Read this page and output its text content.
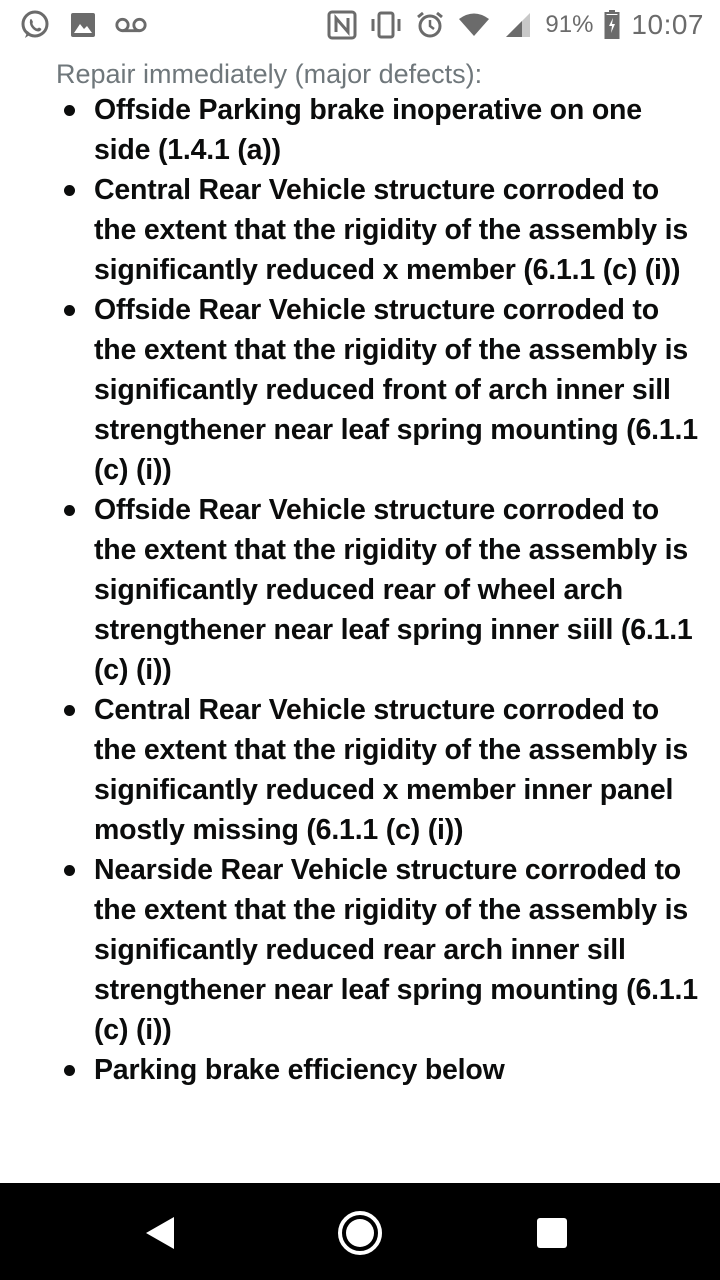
91% 10:07
Repair immediately (major defects):
Offside Parking brake inoperative on one side (1.4.1 (a))
Central Rear Vehicle structure corroded to the extent that the rigidity of the assembly is significantly reduced x member (6.1.1 (c) (i))
Offside Rear Vehicle structure corroded to the extent that the rigidity of the assembly is significantly reduced front of arch inner sill strengthener near leaf spring mounting (6.1.1 (c) (i))
Offside Rear Vehicle structure corroded to the extent that the rigidity of the assembly is significantly reduced rear of wheel arch strengthener near leaf spring inner siill (6.1.1 (c) (i))
Central Rear Vehicle structure corroded to the extent that the rigidity of the assembly is significantly reduced x member inner panel mostly missing (6.1.1 (c) (i))
Nearside Rear Vehicle structure corroded to the extent that the rigidity of the assembly is significantly reduced rear arch inner sill strengthener near leaf spring mounting (6.1.1 (c) (i))
Parking brake efficiency below
